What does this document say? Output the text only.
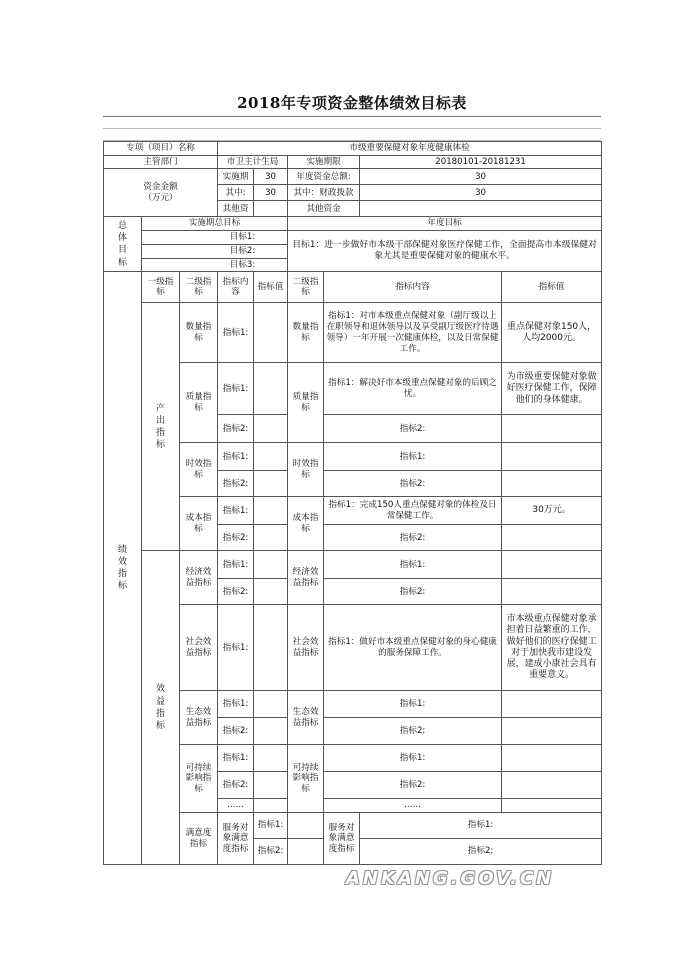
2018年专项资金整体绩效目标表
专项（项目）名称			市级重要保健对象年度健康体检						
主管部门			市卫主计生局		实施期限		20180101-20181231		
资金金额
（万元）			实施期	30	年度资金总额:		30		
			其中:	30	其中：财政拨款		30		
			其他资		其他资金				
总体目标	实施期总目标				年度目标				
	目标1:				目标1：进一步做好市本级干部保健对象医疗保健工作，全面提高市本级保健对象尤其是重要保健对象的健康水平。				
	目标2:								
	目标3:								
绩效指标	一级指标	二级指标	指标内容	指标值	二级指标	指标内容		指标值	
	产出指标	数量指标	指标1:		数量指标	指标1：对市本级重点保健对象（副厅级以上在职领导和退休领导以及享受副厅级医疗待遇领导）一年开展一次健康体检，以及日常保健工作。		重点保健对象150人，人均2000元。	
		质量指标	指标1:		质量指标	指标1：解决好市本级重点保健对象的后顾之忧。		为市级重要保健对象做好医疗保健工作，保障他们的身体健康。	
			指标2:			指标2:			
		时效指标	指标1:		时效指标	指标1:			
			指标2:			指标2:			
		成本指标	指标1:		成本指标	指标1：完成150人重点保健对象的体检及日常保健工作。		30万元。	
			指标2:			指标2:			
	效益指标	经济效益指标	指标1:		经济效益指标	指标1:			
			指标2:			指标2:			
		社会效益指标	指标1:		社会效益指标	指标1：做好市本级重点保健对象的身心健康的服务保障工作。		市本级重点保健对象承担着日益繁重的工作，做好他们的医疗保健工对于加快我市建设发展，建成小康社会具有重要意义。	
		生态效益指标	指标1:		生态效益指标	指标1:			
			指标2:			指标2:			
		可持续影响指标	指标1:		可持续影响指标	指标1:			
			指标2:			指标2:			
			……			……			
		满意度指标	服务对象满意度指标	指标1:		服务对象满意度指标	指标1:		
				指标2:			指标2:		
ANKANG.GOV.CN
